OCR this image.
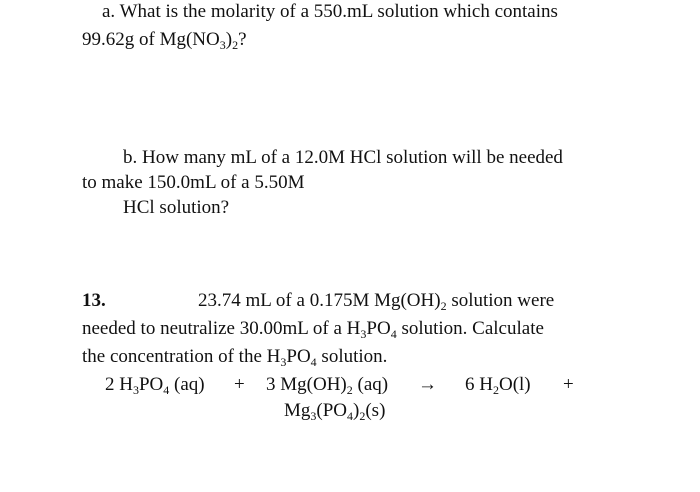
a. What is the molarity of a 550.mL solution which contains
99.62g of $Mg(NO_3)_2$?
b. How many mL of a 12.0M HCl solution will be needed
to make 150.0mL of a 5.50M
HCl solution?
13.	23.74 mL of a 0.175M $Mg(OH)_2$ solution were
needed to neutralize 30.00mL of a $H_3PO_4$ solution. Calculate
the concentration of the $H_3PO_4$ solution.
2 $H_3PO_4$ (aq) + 3 $Mg(OH)_2$ (aq) → 6 $H_2O(l)$ +
$Mg_3(PO_4)_2(s)$
